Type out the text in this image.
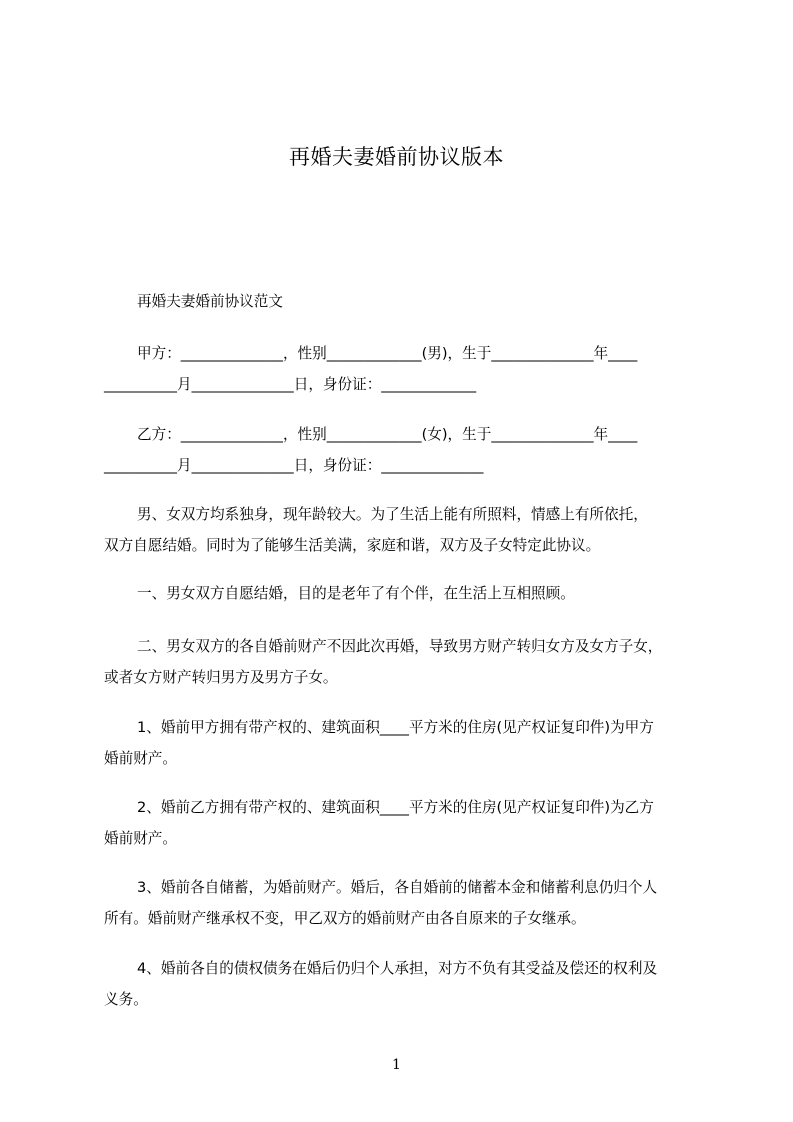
再婚夫妻婚前协议版本
再婚夫妻婚前协议范文
甲方：______________，性别_____________(男)，生于______________年____
__________月______________日，身份证：_____________
乙方：______________，性别_____________(女)，生于______________年____
__________月______________日，身份证：______________
男、女双方均系独身，现年龄较大。为了生活上能有所照料，情感上有所依托，
双方自愿结婚。同时为了能够生活美满，家庭和谐，双方及子女特定此协议。
一、男女双方自愿结婚，目的是老年了有个伴，在生活上互相照顾。
二、男女双方的各自婚前财产不因此次再婚，导致男方财产转归女方及女方子女，
或者女方财产转归男方及男方子女。
1、婚前甲方拥有带产权的、建筑面积____平方米的住房(见产权证复印件)为甲方
婚前财产。
2、婚前乙方拥有带产权的、建筑面积____平方米的住房(见产权证复印件)为乙方
婚前财产。
3、婚前各自储蓄，为婚前财产。婚后，各自婚前的储蓄本金和储蓄利息仍归个人
所有。婚前财产继承权不变，甲乙双方的婚前财产由各自原来的子女继承。
4、婚前各自的债权债务在婚后仍归个人承担，对方不负有其受益及偿还的权利及
义务。
1
